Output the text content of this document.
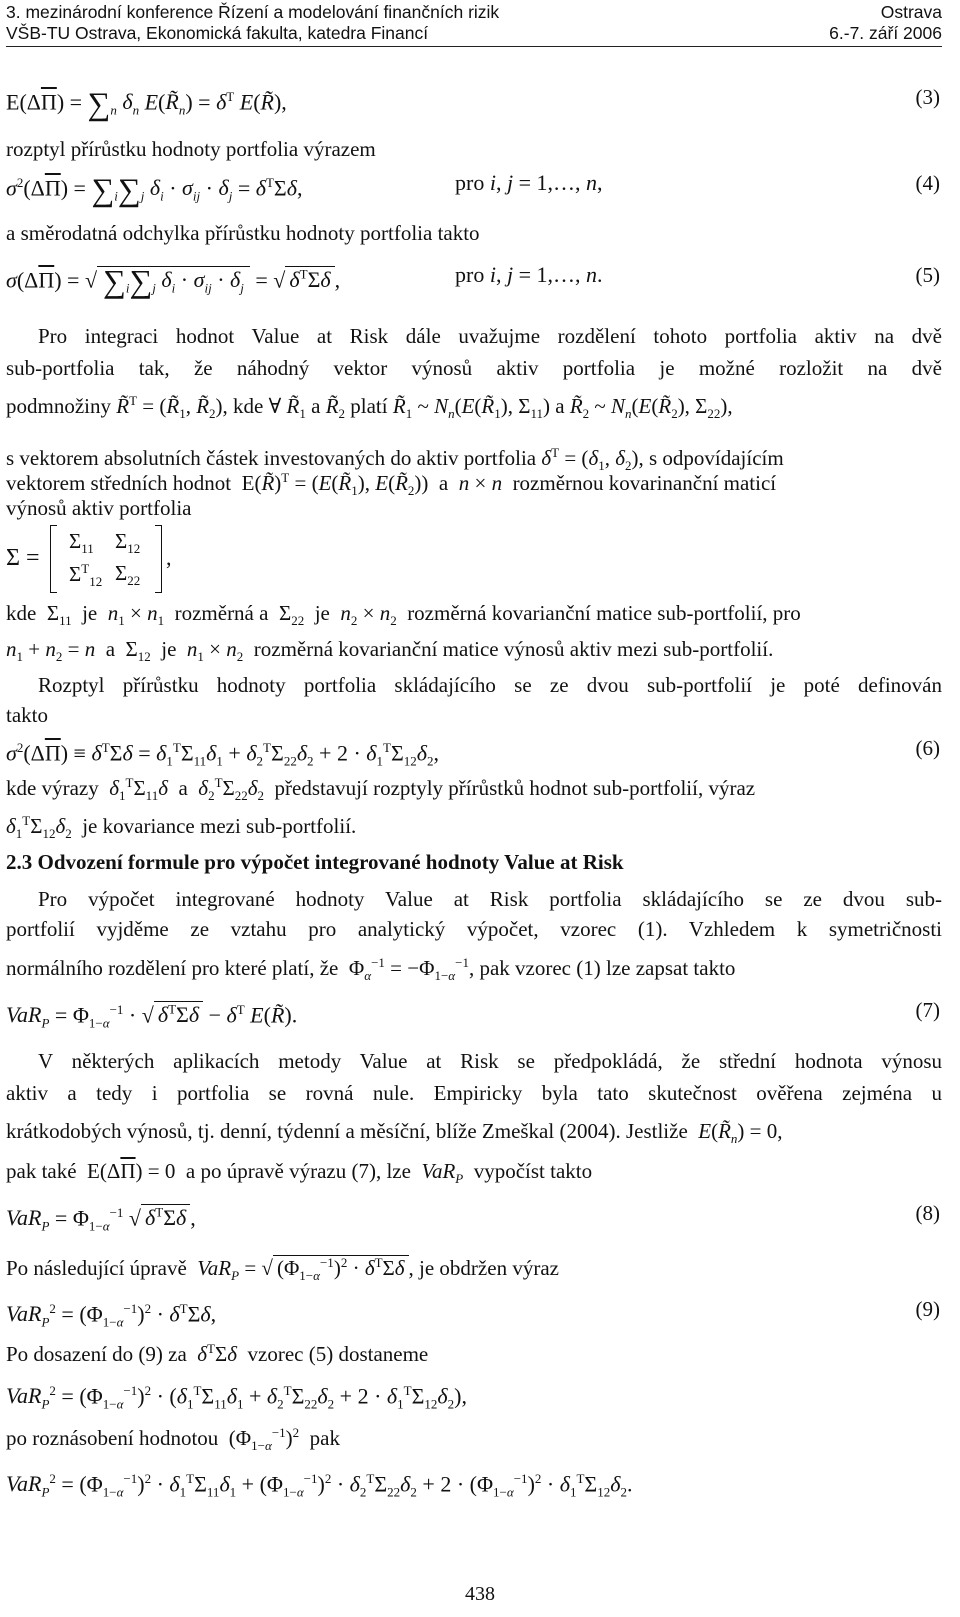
3. mezinárodní konference Řízení a modelování finančních rizik
VŠB-TU Ostrava, Ekonomická fakulta, katedra Financí
Ostrava
6.-7. září 2006
$E(\Delta\overline{\Pi}) = \sum_n$ $\delta_n$ $E(R̃_n) = \delta^T$ E(R̃),	(3)
rozptyl přírůstku hodnoty portfolia výrazem
$\sigma^2(\Delta\overline{\Pi}) = \sum_i\sum_j$ $\delta_i \cdot \sigma_{ij} \cdot \delta_j = \delta^T\Sigma\delta$,	pro i, j = 1,…, n,	(4)
a směrodatná odchylka přírůstku hodnoty portfolia takto
$\sigma(\Delta\overline{\Pi})$ = √ $\sum_i\sum_j$ $\delta_i \cdot \sigma_{ij} \cdot \delta_j$ = √ $\delta^T\Sigma\delta$ ,	pro i, j = 1,…, n.	(5)
Pro integraci hodnot Value at Risk dále uvažujme rozdělení tohoto portfolia aktiv na dvě
sub-portfolia tak, že náhodný vektor výnosů aktiv portfolia je možné rozložit na dvě
podmnožiny R̃$^T$ = ($R̃_1$, $R̃_2$), kde ∀ $R̃_1$ a $R̃_2$ platí $R̃_1$ ~ $N_n(E(R̃_1)$, $\Sigma_{11}$) a $R̃_2$ ~ $N_n(E(R̃_2)$, $\Sigma_{22}$),
s vektorem absolutních částek investovaných do aktiv portfolia $\delta^T = (\delta_1$, $\delta_2$), s odpovídajícím
vektorem středních hodnot  E(R̃)$^T$ = ($E(R̃_1)$, $E(R̃_2)$)  a n × n rozměrnou kovarinanční maticí
výnosů aktiv portfolia
Σ =
$\Sigma_{11}$ $\Sigma_{12}$
$\Sigma^T_{12}$ $\Sigma_{22}$
,
kde  $\Sigma_{11}$ je $n_1 \times n_1$ rozměrná a  $\Sigma_{22}$ je $n_2 \times n_2$ rozměrná kovarianční matice sub-portfolií, pro
$n_1 + n_2 = n$ a  $\Sigma_{12}$ je $n_1 \times n_2$ rozměrná kovarianční matice výnosů aktiv mezi sub-portfolií.
Rozptyl přírůstku hodnoty portfolia skládajícího se ze dvou sub-portfolií je poté definován
takto
$\sigma^2(\Delta\overline{\Pi}) \equiv \delta^T\Sigma\delta = \delta_1^T\Sigma_{11}\delta_1 + \delta_2^T\Sigma_{22}\delta_2 + 2 \cdot \delta_1^T\Sigma_{12}\delta_2$,	(6)
kde výrazy $\delta_1^T\Sigma_{11}\delta$ a $\delta_2^T\Sigma_{22}\delta_2$ představují rozptyly přírůstků hodnot sub-portfolií, výraz
$\delta_1^T\Sigma_{12}\delta_2$ je kovariance mezi sub-portfolií.
2.3 Odvození formule pro výpočet integrované hodnoty Value at Risk
Pro výpočet integrované hodnoty Value at Risk portfolia skládajícího se ze dvou sub-
portfolií vyjděme ze vztahu pro analytický výpočet, vzorec (1). Vzhledem k symetričnosti
normálního rozdělení pro které platí, že  $\Phi_\alpha^{-1} = -\Phi_{1-\alpha}^{-1}$, pak vzorec (1) lze zapsat takto
$VaR_P = \Phi_{1-\alpha}^{-1}$ · √ $\delta^T\Sigma\delta - \delta^T$ E(R̃).	(7)
V některých aplikacích metody Value at Risk se předpokládá, že střední hodnota výnosu
aktiv a tedy i portfolia se rovná nule. Empiricky byla tato skutečnost ověřena zejména u
krátkodobých výnosů, tj. denní, týdenní a měsíční, blíže Zmeškal (2004). Jestliže $E(R̃_n) = 0$,
pak také  $E(\Delta\overline{\Pi}) = 0$  a po úpravě výrazu (7), lze VaR$_P$ vypočíst takto
$VaR_P = \Phi_{1-\alpha}^{-1}$ √ $\delta^T\Sigma\delta$ ,	(8)
Po následující úpravě VaR$_P$ = √ $(\Phi_{1-\alpha}^{-1})^2 \cdot \delta^T\Sigma\delta$ , je obdržen výraz
$VaR_P^2 = (\Phi_{1-\alpha}^{-1})^2 \cdot \delta^T\Sigma\delta$,	(9)
Po dosazení do (9) za $\delta^T\Sigma\delta$ vzorec (5) dostaneme
$VaR_P^2 = (\Phi_{1-\alpha}^{-1})^2 \cdot (\delta_1^T\Sigma_{11}\delta_1 + \delta_2^T\Sigma_{22}\delta_2 + 2 \cdot \delta_1^T\Sigma_{12}\delta_2)$,
po roznásobení hodnotou  $(\Phi_{1-\alpha}^{-1})^2$ pak
$VaR_P^2 = (\Phi_{1-\alpha}^{-1})^2 \cdot \delta_1^T\Sigma_{11}\delta_1 + (\Phi_{1-\alpha}^{-1})^2 \cdot \delta_2^T\Sigma_{22}\delta_2 + 2 \cdot (\Phi_{1-\alpha}^{-1})^2 \cdot \delta_1^T\Sigma_{12}\delta_2$.
438
